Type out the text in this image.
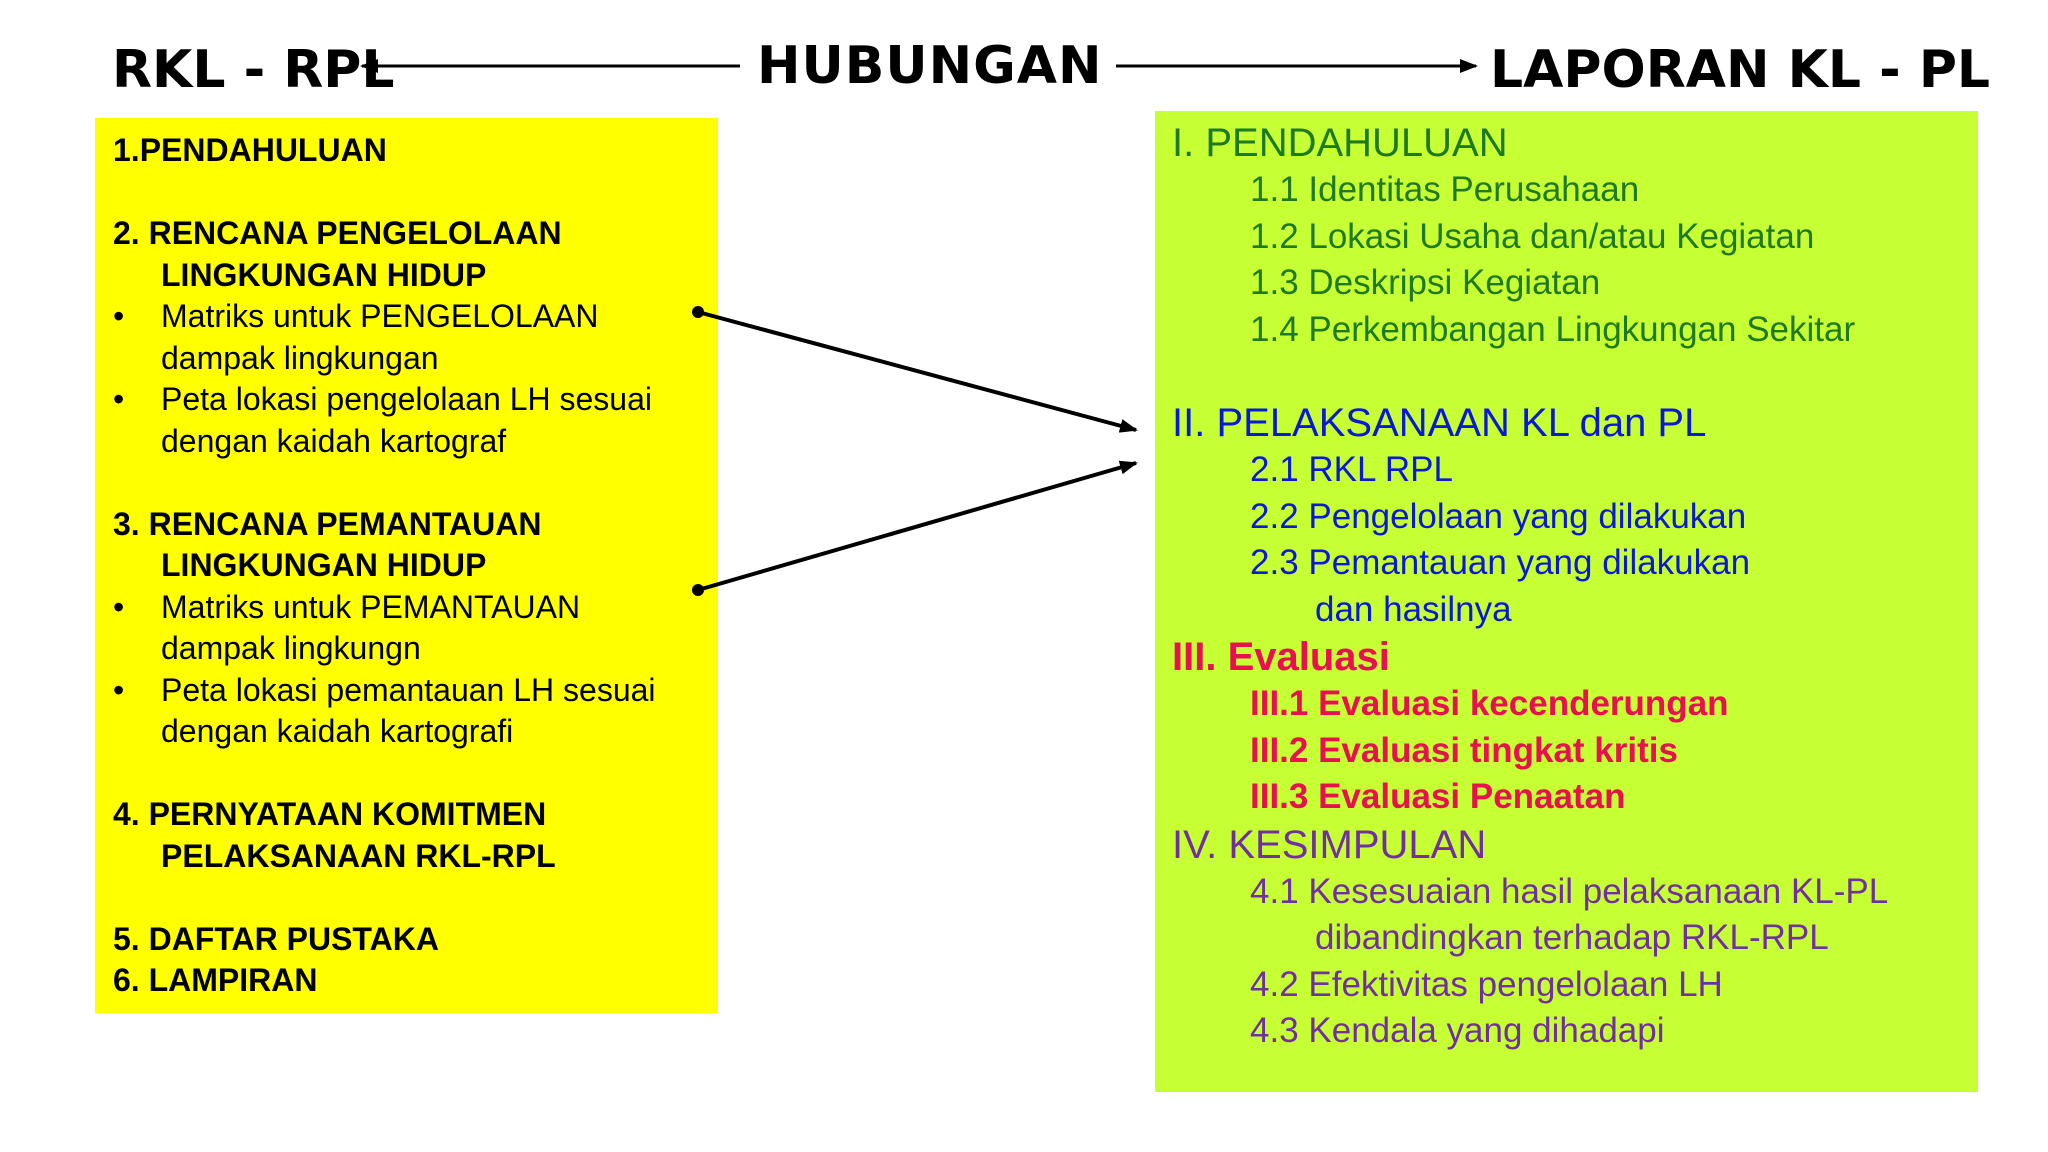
RKL - RPL	HUBUNGAN	LAPORAN KL - PL
1.PENDAHULUAN
2. RENCANA PENGELOLAAN
LINGKUNGAN HIDUP
• Matriks untuk PENGELOLAAN
dampak lingkungan
• Peta lokasi pengelolaan LH sesuai
dengan kaidah kartograf
3. RENCANA PEMANTAUAN
LINGKUNGAN HIDUP
• Matriks untuk PEMANTAUAN
dampak lingkungn
• Peta lokasi pemantauan LH sesuai
dengan kaidah kartografi
4. PERNYATAAN KOMITMEN
PELAKSANAAN RKL-RPL
5. DAFTAR PUSTAKA
6. LAMPIRAN
I. PENDAHULUAN
1.1 Identitas Perusahaan
1.2 Lokasi Usaha dan/atau Kegiatan
1.3 Deskripsi Kegiatan
1.4 Perkembangan Lingkungan Sekitar
II. PELAKSANAAN KL dan PL
2.1 RKL RPL
2.2 Pengelolaan yang dilakukan
2.3 Pemantauan yang dilakukan
dan hasilnya
III. Evaluasi
III.1 Evaluasi kecenderungan
III.2 Evaluasi tingkat kritis
III.3 Evaluasi Penaatan
IV. KESIMPULAN
4.1 Kesesuaian hasil pelaksanaan KL-PL
dibandingkan terhadap RKL-RPL
4.2 Efektivitas pengelolaan LH
4.3 Kendala yang dihadapi
